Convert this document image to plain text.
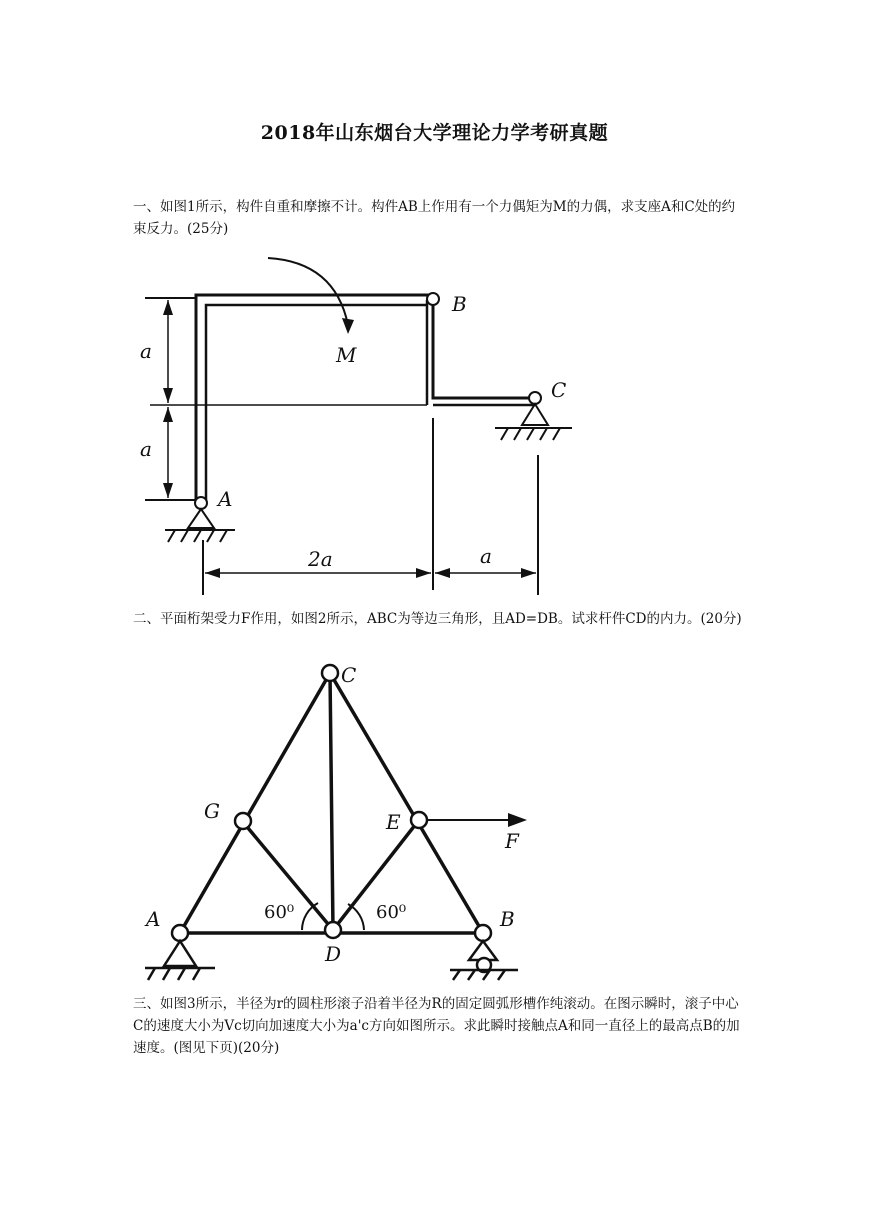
2018年山东烟台大学理论力学考研真题
一、如图1所示，构件自重和摩擦不计。构件AB上作用有一个力偶矩为M的力偶，求支座A和C处的约束反力。(25分)
B
C
A
M
a
a
2a	a
二、平面桁架受力F作用，如图2所示，ABC为等边三角形，且AD=DB。试求杆件CD的内力。(20分)
C
G	E
F
A	B
D
60⁰	60⁰
三、如图3所示，半径为r的圆柱形滚子沿着半径为R的固定圆弧形槽作纯滚动。在图示瞬时，滚子中心C的速度大小为Vc切向加速度大小为a'c方向如图所示。求此瞬时接触点A和同一直径上的最高点B的加速度。(图见下页)(20分)
